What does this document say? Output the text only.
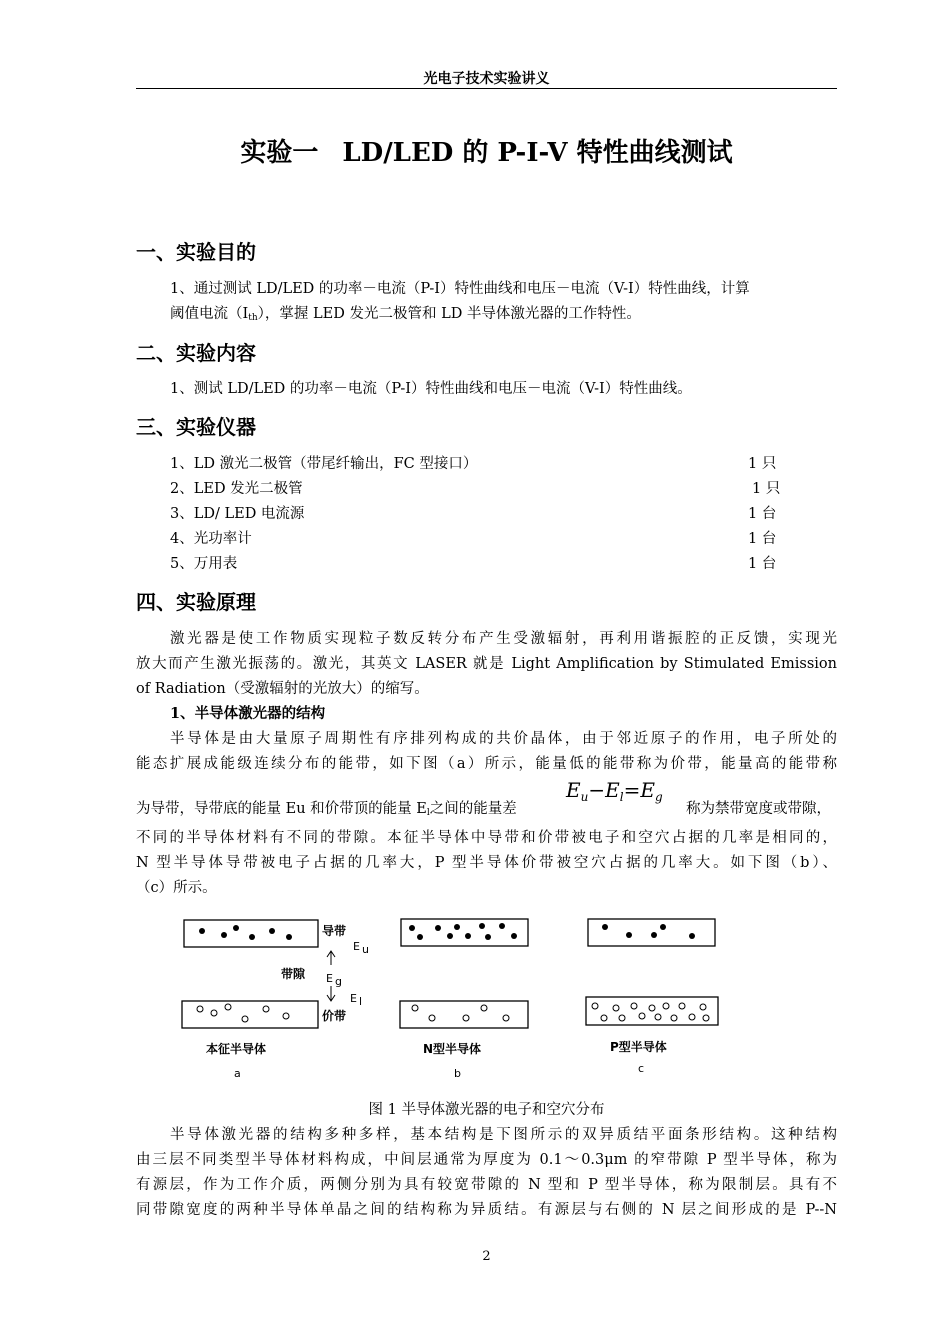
光电子技术实验讲义
实验一 LD/LED 的 P-I-V 特性曲线测试
一、实验目的
1、通过测试 LD/LED 的功率－电流（P-I）特性曲线和电压－电流（V-I）特性曲线，计算
阈值电流$(I_{th})$，掌握 LED 发光二极管和 LD 半导体激光器的工作特性。
二、实验内容
1、测试 LD/LED 的功率－电流（P-I）特性曲线和电压－电流（V-I）特性曲线。
三、实验仪器
1、LD 激光二极管（带尾纤输出，FC 型接口）	1 只
2、LED 发光二极管	1 只
3、LD/ LED 电流源	1 台
4、光功率计	1 台
5、万用表	1 台
四、实验原理
激光器是使工作物质实现粒子数反转分布产生受激辐射，再利用谐振腔的正反馈，实现光
放大而产生激光振荡的。激光，其英文 LASER 就是 Light Amplification by Stimulated Emission
of Radiation（受激辐射的光放大）的缩写。
1、半导体激光器的结构
半导体是由大量原子周期性有序排列构成的共价晶体，由于邻近原子的作用，电子所处的
能态扩展成能级连续分布的能带，如下图（a）所示，能量低的能带称为价带，能量高的能带称
为导带，导带底的能量 Eu 和价带顶的能量 $E_l$之间的能量差
$E_u-E_l=E_g$
称为禁带宽度或带隙，
不同的半导体材料有不同的带隙。本征半导体中导带和价带被电子和空穴占据的几率是相同的，
N 型半导体导带被电子占据的几率大，P 型半导体价带被空穴占据的几率大。如下图（b）、
（c）所示。
导带
带隙
价带
E u
E g
E l
本征半导体
a
N型半导体
b
P型半导体
c
图 1 半导体激光器的电子和空穴分布
半导体激光器的结构多种多样，基本结构是下图所示的双异质结平面条形结构。这种结构
由三层不同类型半导体材料构成，中间层通常为厚度为 0.1～0.3μm 的窄带隙 P 型半导体，称为
有源层，作为工作介质，两侧分别为具有较宽带隙的 N 型和 P 型半导体，称为限制层。具有不
同带隙宽度的两种半导体单晶之间的结构称为异质结。有源层与右侧的 N 层之间形成的是 P--N
2
